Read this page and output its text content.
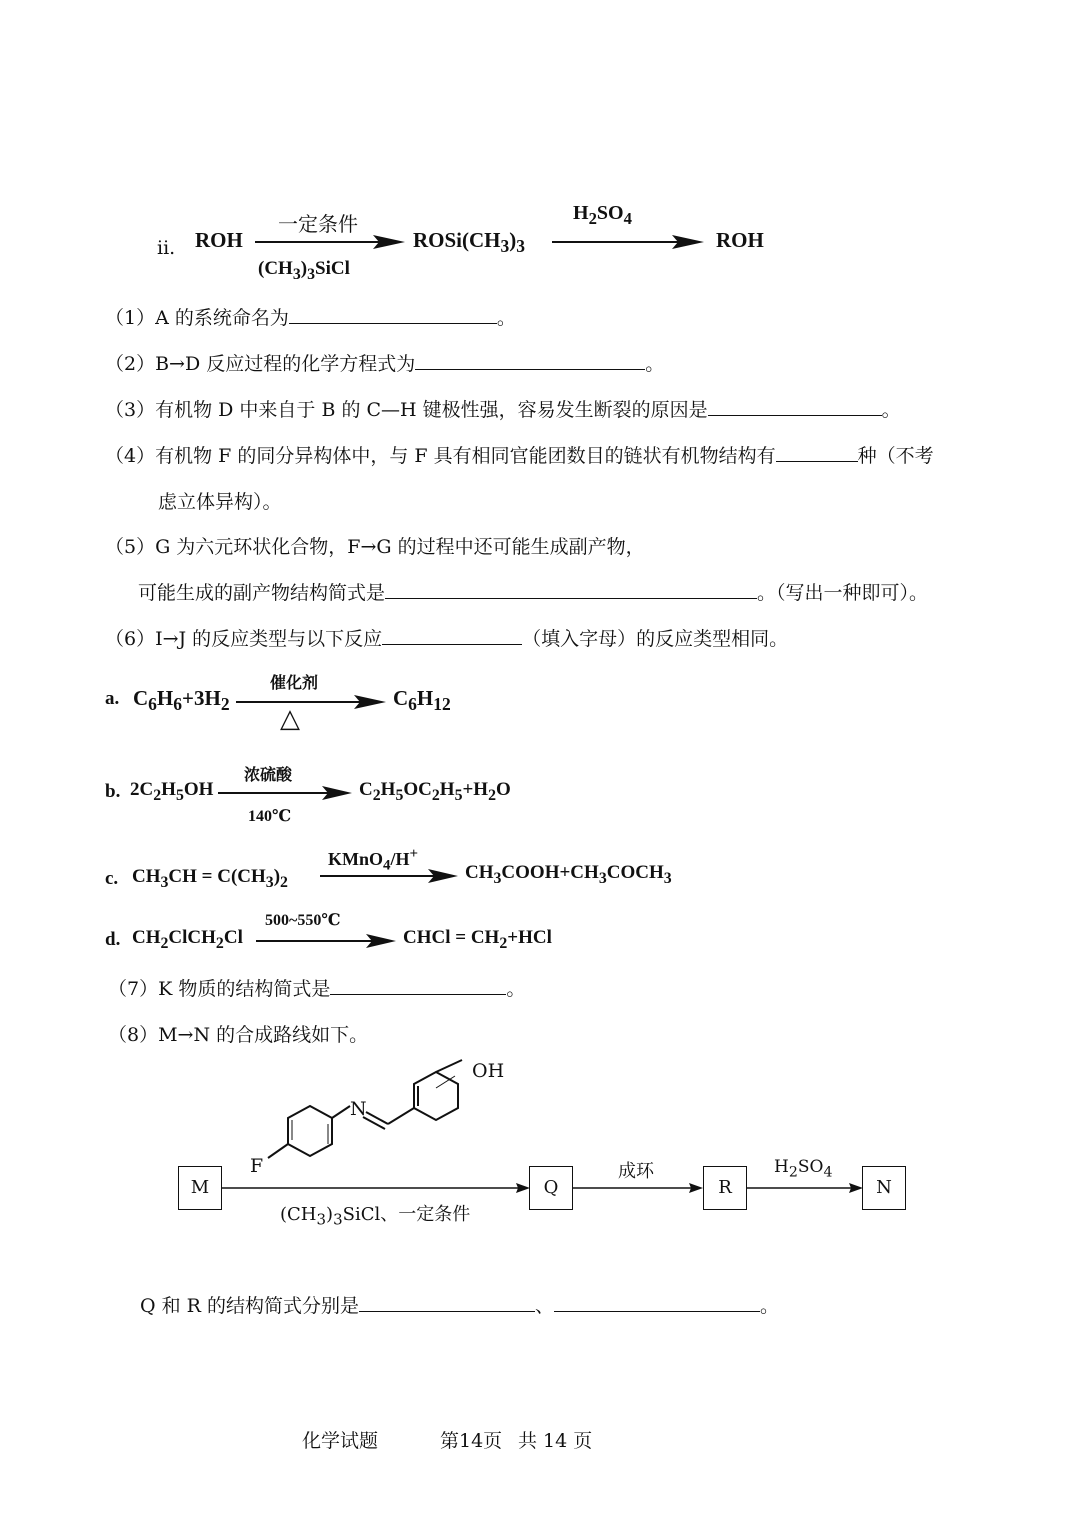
ii. ROH
一定条件
$(CH_3)_3SiCl$
$ROSi(CH_3)_3$
$H_2SO_4$
ROH
（1）A 的系统命名为	。
（2）B→D 反应过程的化学方程式为	。
（3）有机物 D 中来自于 B 的 C—H 键极性强，容易发生断裂的原因是	。
（4）有机物 F 的同分异构体中，与 F 具有相同官能团数目的链状有机物结构有	种（不考
虑立体异构）。
（5）G 为六元环状化合物，F→G 的过程中还可能生成副产物，
可能生成的副产物结构简式是	。（写出一种即可）。
（6）I→J 的反应类型与以下反应	（填入字母）的反应类型相同。
a. $C_6H_6+3H_2$
催化剂
△
$C_6H_{12}$
b. $2C_2H_5OH$
浓硫酸
140℃
$C_2H_5OC_2H_5+H_2O$
c. $CH_3CH = C(CH_3)_2$
KMnO$_4$/H+
$CH_3COOH+CH_3COCH_3$
d. $CH_2ClCH_2Cl$
500~550℃
CHCl = $CH_2+HCl$
（7）K 物质的结构简式是	。
（8）M→N 的合成路线如下。
N
OH
F
M
$(CH_3)_3SiCl$、一定条件
Q
成环
R
$H_2SO_4$
N
Q 和 R 的结构简式分别是	、	。
化学试题	第14页 共 14 页
